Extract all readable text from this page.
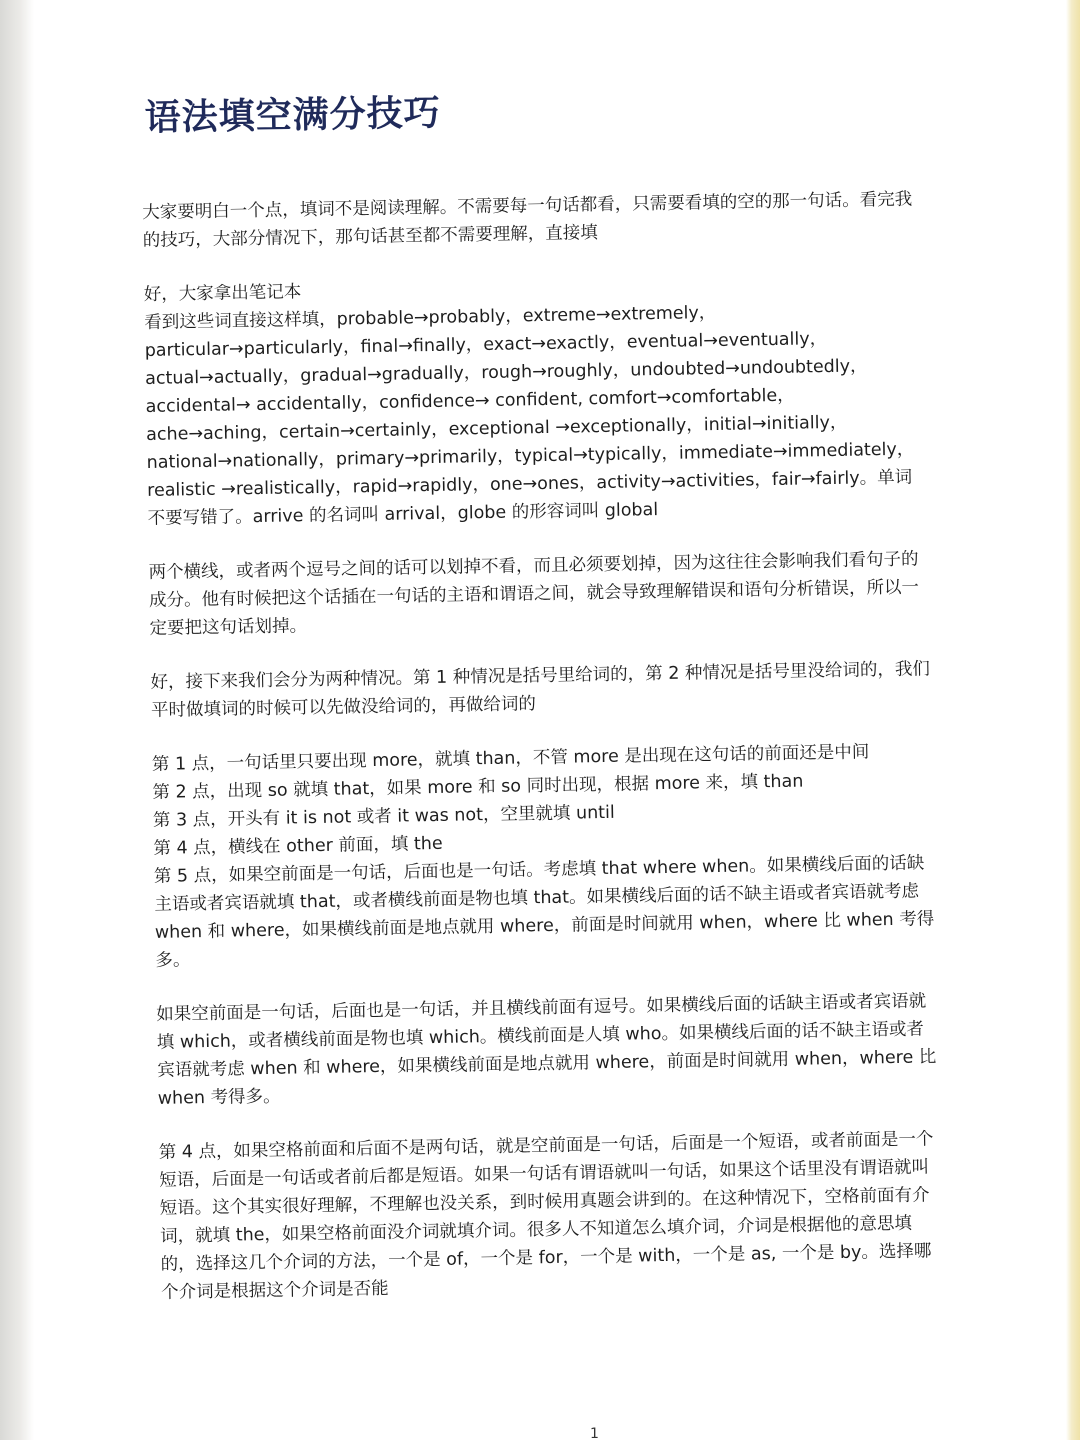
语法填空满分技巧

大家要明白一个点，填词不是阅读理解。不需要每一句话都看，只需要看填的空的那一句话。看完我的技巧，大部分情况下，那句话甚至都不需要理解，直接填

好，大家拿出笔记本

看到这些词直接这样填，probable→probably，extreme→extremely，particular→particularly，final→finally，exact→exactly，eventual→eventually，actual→actually，gradual→gradually，rough→roughly，undoubted→undoubtedly，accidental→ accidentally，confidence→ confident, comfort→comfortable，ache→aching，certain→certainly，exceptional →exceptionally，initial→initially，national→nationally，primary→primarily，typical→typically，immediate→immediately，realistic →realistically，rapid→rapidly，one→ones，activity→activities，fair→fairly。单词不要写错了。arrive 的名词叫 arrival，globe 的形容词叫 global

两个横线，或者两个逗号之间的话可以划掉不看，而且必须要划掉，因为这往往会影响我们看句子的成分。他有时候把这个话插在一句话的主语和谓语之间，就会导致理解错误和语句分析错误，所以一定要把这句话划掉。

好，接下来我们会分为两种情况。第 1 种情况是括号里给词的，第 2 种情况是括号里没给词的，我们平时做填词的时候可以先做没给词的，再做给词的

第 1 点，一句话里只要出现 more，就填 than，不管 more 是出现在这句话的前面还是中间

第 2 点，出现 so 就填 that，如果 more 和 so 同时出现，根据 more 来，填 than

第 3 点，开头有 it is not 或者 it was not，空里就填 until

第 4 点，横线在 other 前面，填 the

第 5 点，如果空前面是一句话，后面也是一句话。考虑填 that where when。如果横线后面的话缺主语或者宾语就填 that，或者横线前面是物也填 that。如果横线后面的话不缺主语或者宾语就考虑 when 和 where，如果横线前面是地点就用 where，前面是时间就用 when，where 比 when 考得多。

如果空前面是一句话，后面也是一句话，并且横线前面有逗号。如果横线后面的话缺主语或者宾语就填 which，或者横线前面是物也填 which。横线前面是人填 who。如果横线后面的话不缺主语或者宾语就考虑 when 和 where，如果横线前面是地点就用 where，前面是时间就用 when，where 比 when 考得多。

第 4 点，如果空格前面和后面不是两句话，就是空前面是一句话，后面是一个短语，或者前面是一个短语，后面是一句话或者前后都是短语。如果一句话有谓语就叫一句话，如果这个话里没有谓语就叫短语。这个其实很好理解，不理解也没关系，到时候用真题会讲到的。在这种情况下，空格前面有介词，就填 the，如果空格前面没介词就填介词。很多人不知道怎么填介词，介词是根据他的意思填的，选择这几个介词的方法，一个是 of，一个是 for，一个是 with，一个是 as, 一个是 by。选择哪个介词是根据这个介词是否能

1
